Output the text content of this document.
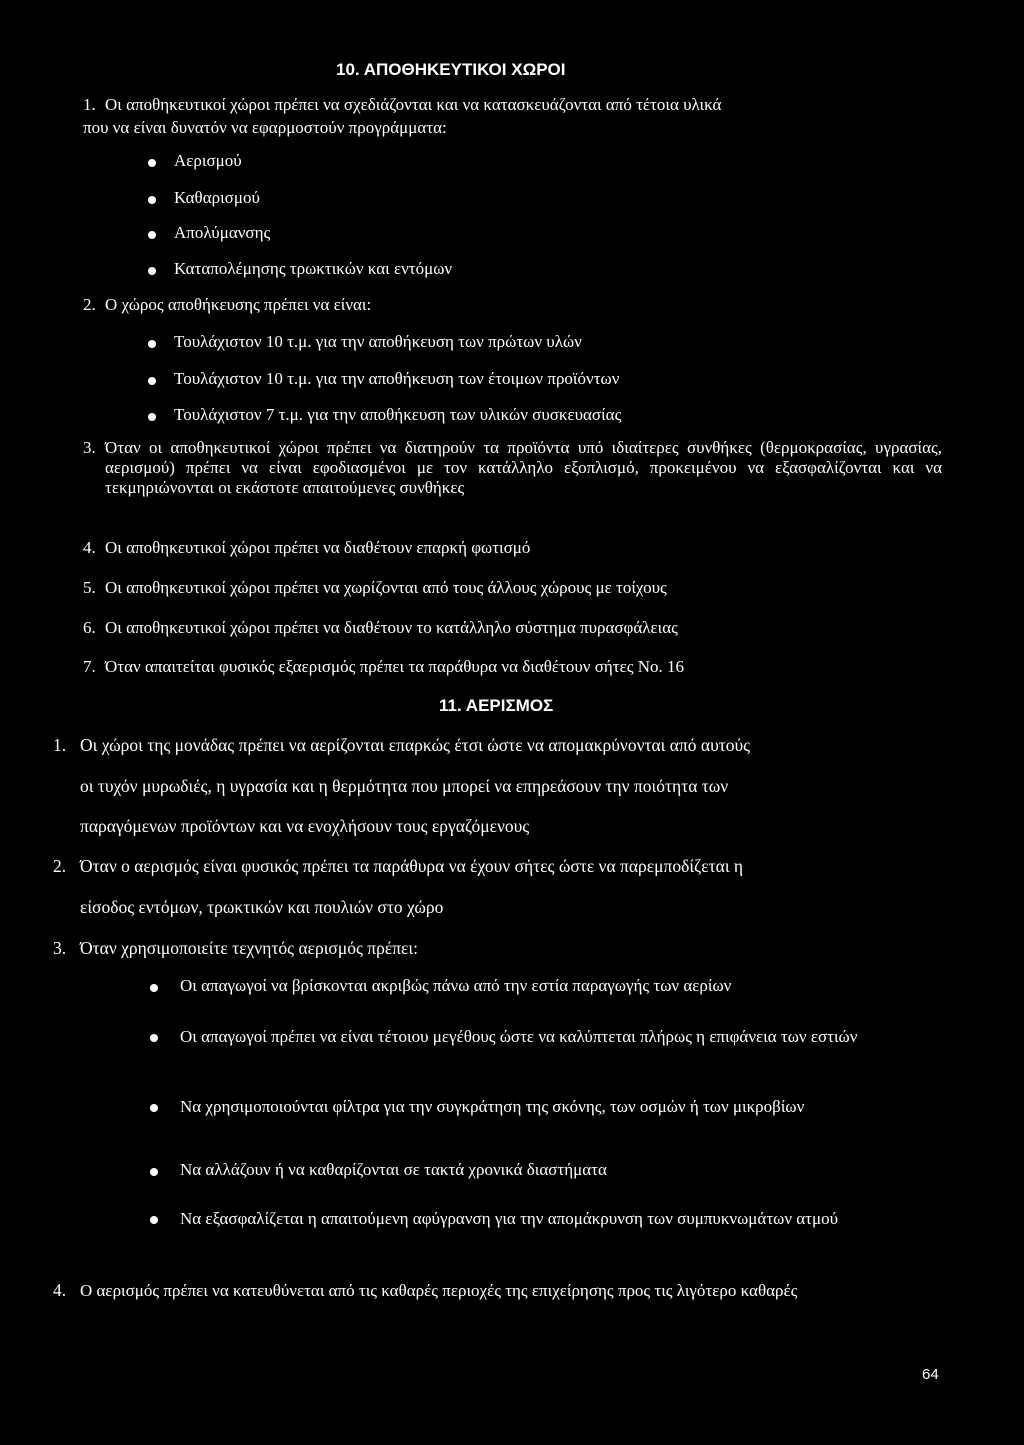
10. ΑΠΟΘΗΚΕΥΤΙΚΟΙ ΧΩΡΟΙ
1. Οι αποθηκευτικοί χώροι πρέπει να σχεδιάζονται και να κατασκευάζονται από τέτοια υλικά
που να είναι δυνατόν να εφαρμοστούν προγράμματα:
Αερισμού
Καθαρισμού
Απολύμανσης
Καταπολέμησης τρωκτικών και εντόμων
2. Ο χώρος αποθήκευσης πρέπει να είναι:
Τουλάχιστον 10 τ.μ. για την αποθήκευση των πρώτων υλών
Τουλάχιστον 10 τ.μ. για την αποθήκευση των έτοιμων προϊόντων
Τουλάχιστον 7 τ.μ. για την αποθήκευση των υλικών συσκευασίας
3. Όταν οι αποθηκευτικοί χώροι πρέπει να διατηρούν τα προϊόντα υπό ιδιαίτερες συνθήκες (θερμοκρασίας, υγρασίας, αερισμού) πρέπει να είναι εφοδιασμένοι με τον κατάλληλο εξοπλισμό, προκειμένου να εξασφαλίζονται και να τεκμηριώνονται οι εκάστοτε απαιτούμενες συνθήκες
4. Οι αποθηκευτικοί χώροι πρέπει να διαθέτουν επαρκή φωτισμό
5. Οι αποθηκευτικοί χώροι πρέπει να χωρίζονται από τους άλλους χώρους με τοίχους
6. Οι αποθηκευτικοί χώροι πρέπει να διαθέτουν το κατάλληλο σύστημα πυρασφάλειας
7. Όταν απαιτείται φυσικός εξαερισμός πρέπει τα παράθυρα να διαθέτουν σήτες Νο. 16
11. ΑΕΡΙΣΜΟΣ
1. Οι χώροι της μονάδας πρέπει να αερίζονται επαρκώς έτσι ώστε να απομακρύνονται από αυτούς
οι τυχόν μυρωδιές, η υγρασία και η θερμότητα που μπορεί να επηρεάσουν την ποιότητα των
παραγόμενων προϊόντων και να ενοχλήσουν τους εργαζόμενους
2. Όταν ο αερισμός είναι φυσικός πρέπει τα παράθυρα να έχουν σήτες ώστε να παρεμποδίζεται η
είσοδος εντόμων, τρωκτικών και πουλιών στο χώρο
3. Όταν χρησιμοποιείτε τεχνητός αερισμός πρέπει:
Οι απαγωγοί να βρίσκονται ακριβώς πάνω από την εστία παραγωγής των αερίων
Οι απαγωγοί πρέπει να είναι τέτοιου μεγέθους ώστε να καλύπτεται πλήρως η επιφάνεια των εστιών
Να χρησιμοποιούνται φίλτρα για την συγκράτηση της σκόνης, των οσμών ή των μικροβίων
Να αλλάζουν ή να καθαρίζονται σε τακτά χρονικά διαστήματα
Να εξασφαλίζεται η απαιτούμενη αφύγρανση για την απομάκρυνση των συμπυκνωμάτων ατμού
4. Ο αερισμός πρέπει να κατευθύνεται από τις καθαρές περιοχές της επιχείρησης προς τις λιγότερο καθαρές
64
